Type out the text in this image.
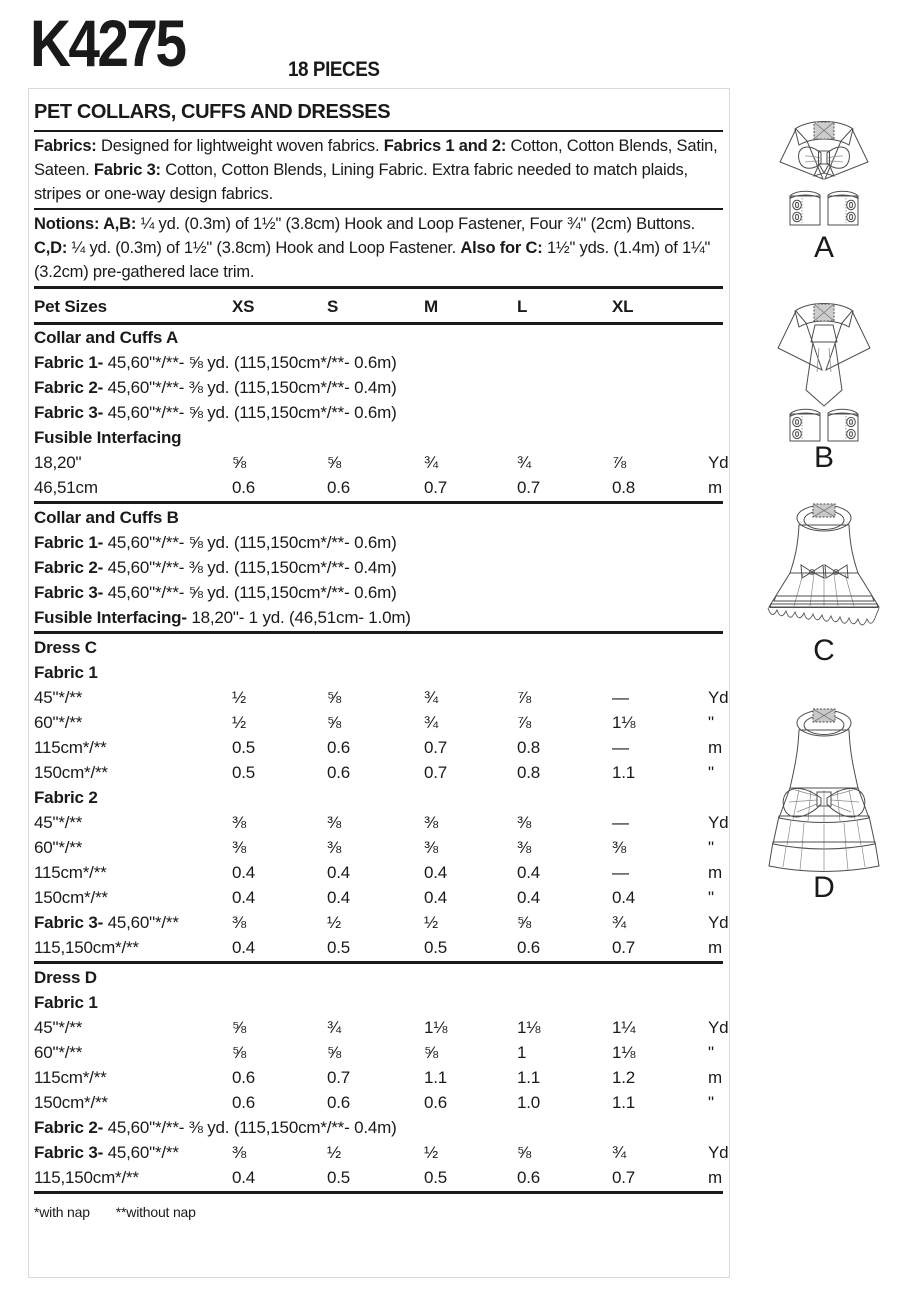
K4275	18 PIECES
PET COLLARS, CUFFS AND DRESSES
Fabrics: Designed for lightweight woven fabrics. Fabrics 1 and 2: Cotton, Cotton Blends, Satin, Sateen. Fabric 3: Cotton, Cotton Blends, Lining Fabric. Extra fabric needed to match plaids, stripes or one-way design fabrics.
Notions: A,B: ¼ yd. (0.3m) of 1½" (3.8cm) Hook and Loop Fastener, Four ¾" (2cm) Buttons. C,D: ¼ yd. (0.3m) of 1½" (3.8cm) Hook and Loop Fastener. Also for C: 1½" yds. (1.4m) of 1¼" (3.2cm) pre-gathered lace trim.
Pet Sizes	XS	S	M	L	XL
Collar and Cuffs A
Fabric 1- 45,60"*/**- ⅝ yd. (115,150cm*/**- 0.6m)
Fabric 2- 45,60"*/**- ⅜ yd. (115,150cm*/**- 0.4m)
Fabric 3- 45,60"*/**- ⅝ yd. (115,150cm*/**- 0.6m)
Fusible Interfacing
18,20"	⅝	⅝	¾	¾	⅞	Yd
46,51cm	0.6	0.6	0.7	0.7	0.8	m
Collar and Cuffs B
Fabric 1- 45,60"*/**- ⅝ yd. (115,150cm*/**- 0.6m)
Fabric 2- 45,60"*/**- ⅜ yd. (115,150cm*/**- 0.4m)
Fabric 3- 45,60"*/**- ⅝ yd. (115,150cm*/**- 0.6m)
Fusible Interfacing- 18,20"- 1 yd. (46,51cm- 1.0m)
Dress C
Fabric 1
45"*/**	½	⅝	¾	⅞	—	Yd
60"*/**	½	⅝	¾	⅞	1⅛	"
115cm*/**	0.5	0.6	0.7	0.8	—	m
150cm*/**	0.5	0.6	0.7	0.8	1.1	"
Fabric 2
45"*/**	⅜	⅜	⅜	⅜	—	Yd
60"*/**	⅜	⅜	⅜	⅜	⅜	"
115cm*/**	0.4	0.4	0.4	0.4	—	m
150cm*/**	0.4	0.4	0.4	0.4	0.4	"
Fabric 3- 45,60"*/**	⅜	½	½	⅝	¾	Yd
115,150cm*/**	0.4	0.5	0.5	0.6	0.7	m
Dress D
Fabric 1
45"*/**	⅝	¾	1⅛	1⅛	1¼	Yd
60"*/**	⅝	⅝	⅝	1	1⅛	"
115cm*/**	0.6	0.7	1.1	1.1	1.2	m
150cm*/**	0.6	0.6	0.6	1.0	1.1	"
Fabric 2- 45,60"*/**- ⅜ yd. (115,150cm*/**- 0.4m)
Fabric 3- 45,60"*/**	⅜	½	½	⅝	¾	Yd
115,150cm*/**	0.4	0.5	0.5	0.6	0.7	m
*with nap **without nap
A
B
C
D
